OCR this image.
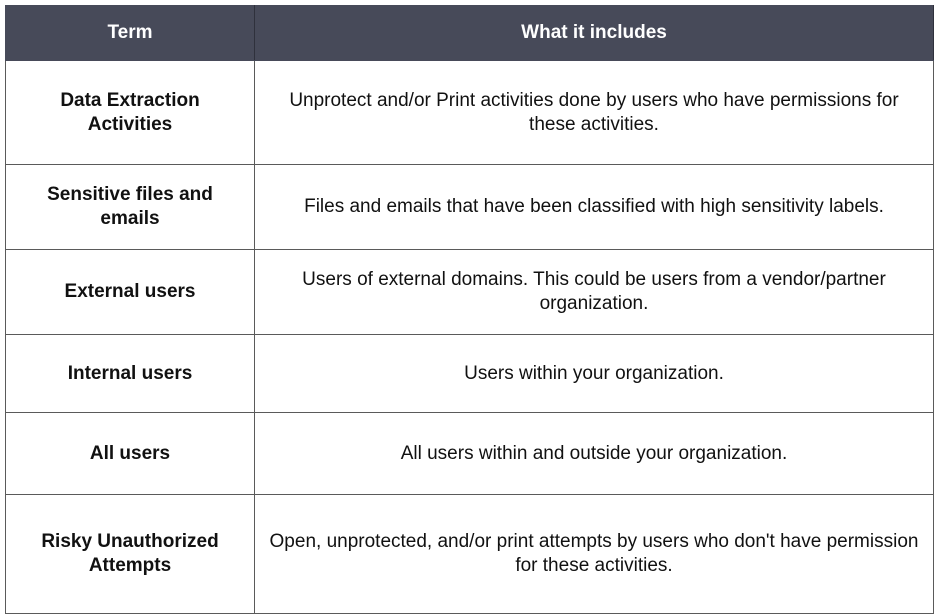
Term	What it includes
Data Extraction Activities	Unprotect and/or Print activities done by users who have permissions for these activities.
Sensitive files and emails	Files and emails that have been classified with high sensitivity labels.
External users	Users of external domains. This could be users from a vendor/partner organization.
Internal users	Users within your organization.
All users	All users within and outside your organization.
Risky Unauthorized Attempts	Open, unprotected, and/or print attempts by users who don't have permission for these activities.
